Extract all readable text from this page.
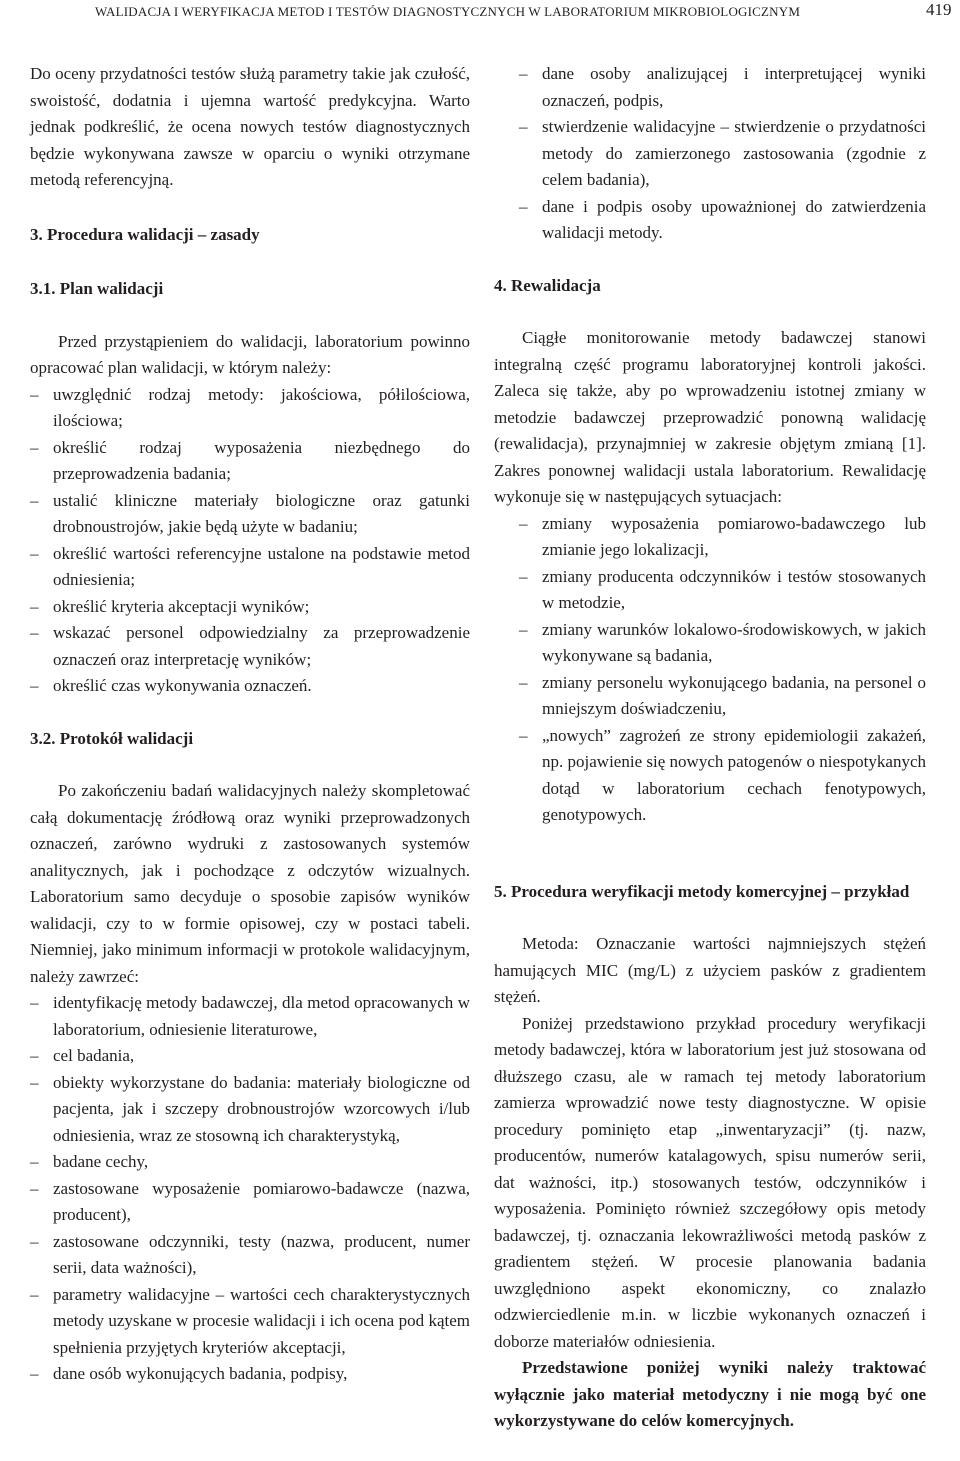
WALIDACJA I WERYFIKACJA METOD I TESTÓW DIAGNOSTYCZNYCH W LABORATORIUM MIKROBIOLOGICZNYM	419

Do oceny przydatności testów służą parametry takie jak czułość, swoistość, dodatnia i ujemna wartość predykcyjna. Warto jednak podkreślić, że ocena nowych testów diagnostycznych będzie wykonywana zawsze w oparciu o wyniki otrzymane metodą referencyjną.

3. Procedura walidacji – zasady
3.1. Plan walidacji

Przed przystąpieniem do walidacji, laboratorium powinno opracować plan walidacji, w którym należy:

– uwzględnić rodzaj metody: jakościowa, półilościowa, ilościowa;
– określić rodzaj wyposażenia niezbędnego do przeprowadzenia badania;
– ustalić kliniczne materiały biologiczne oraz gatunki drobnoustrojów, jakie będą użyte w badaniu;
– określić wartości referencyjne ustalone na podstawie metod odniesienia;
– określić kryteria akceptacji wyników;
– wskazać personel odpowiedzialny za przeprowadzenie oznaczeń oraz interpretację wyników;
– określić czas wykonywania oznaczeń.
3.2. Protokół walidacji

Po zakończeniu badań walidacyjnych należy skompletować całą dokumentację źródłową oraz wyniki przeprowadzonych oznaczeń, zarówno wydruki z zastosowanych systemów analitycznych, jak i pochodzące z odczytów wizualnych. Laboratorium samo decyduje o sposobie zapisów wyników walidacji, czy to w formie opisowej, czy w postaci tabeli. Niemniej, jako minimum informacji w protokole walidacyjnym, należy zawrzeć:

– identyfikację metody badawczej, dla metod opracowanych w laboratorium, odniesienie literaturowe,
– cel badania,
– obiekty wykorzystane do badania: materiały biologiczne od pacjenta, jak i szczepy drobnoustrojów wzorcowych i/lub odniesienia, wraz ze stosowną ich charakterystyką,
– badane cechy,
– zastosowane wyposażenie pomiarowo-badawcze (nazwa, producent),
– zastosowane odczynniki, testy (nazwa, producent, numer serii, data ważności),
– parametry walidacyjne – wartości cech charakterystycznych metody uzyskane w procesie walidacji i ich ocena pod kątem spełnienia przyjętych kryteriów akceptacji,
– dane osób wykonujących badania, podpisy,
– dane osoby analizującej i interpretującej wyniki oznaczeń, podpis,
– stwierdzenie walidacyjne – stwierdzenie o przydatności metody do zamierzonego zastosowania (zgodnie z celem badania),
– dane i podpis osoby upoważnionej do zatwierdzenia walidacji metody.
4. Rewalidacja

Ciągłe monitorowanie metody badawczej stanowi integralną część programu laboratoryjnej kontroli jakości. Zaleca się także, aby po wprowadzeniu istotnej zmiany w metodzie badawczej przeprowadzić ponowną walidację (rewalidacja), przynajmniej w zakresie objętym zmianą [1]. Zakres ponownej walidacji ustala laboratorium. Rewalidację wykonuje się w następujących sytuacjach:

– zmiany wyposażenia pomiarowo-badawczego lub zmianie jego lokalizacji,
– zmiany producenta odczynników i testów stosowanych w metodzie,
– zmiany warunków lokalowo-środowiskowych, w jakich wykonywane są badania,
– zmiany personelu wykonującego badania, na personel o mniejszym doświadczeniu,
– „nowych” zagrożeń ze strony epidemiologii zakażeń, np. pojawienie się nowych patogenów o niespotykanych dotąd w laboratorium cechach fenotypowych, genotypowych.
5. Procedura weryfikacji metody komercyjnej – przykład

Metoda: Oznaczanie wartości najmniejszych stężeń hamujących MIC (mg/L) z użyciem pasków z gradientem stężeń.

Poniżej przedstawiono przykład procedury weryfikacji metody badawczej, która w laboratorium jest już stosowana od dłuższego czasu, ale w ramach tej metody laboratorium zamierza wprowadzić nowe testy diagnostyczne. W opisie procedury pominięto etap „inwentaryzacji” (tj. nazw, producentów, numerów katalagowych, spisu numerów serii, dat ważności, itp.) stosowanych testów, odczynników i wyposażenia. Pominięto również szczegółowy opis metody badawczej, tj. oznaczania lekowrażliwości metodą pasków z gradientem stężeń. W procesie planowania badania uwzględniono aspekt ekonomiczny, co znalazło odzwierciedlenie m.in. w liczbie wykonanych oznaczeń i doborze materiałów odniesienia.

Przedstawione poniżej wyniki należy traktować wyłącznie jako materiał metodyczny i nie mogą być one wykorzystywane do celów komercyjnych.
